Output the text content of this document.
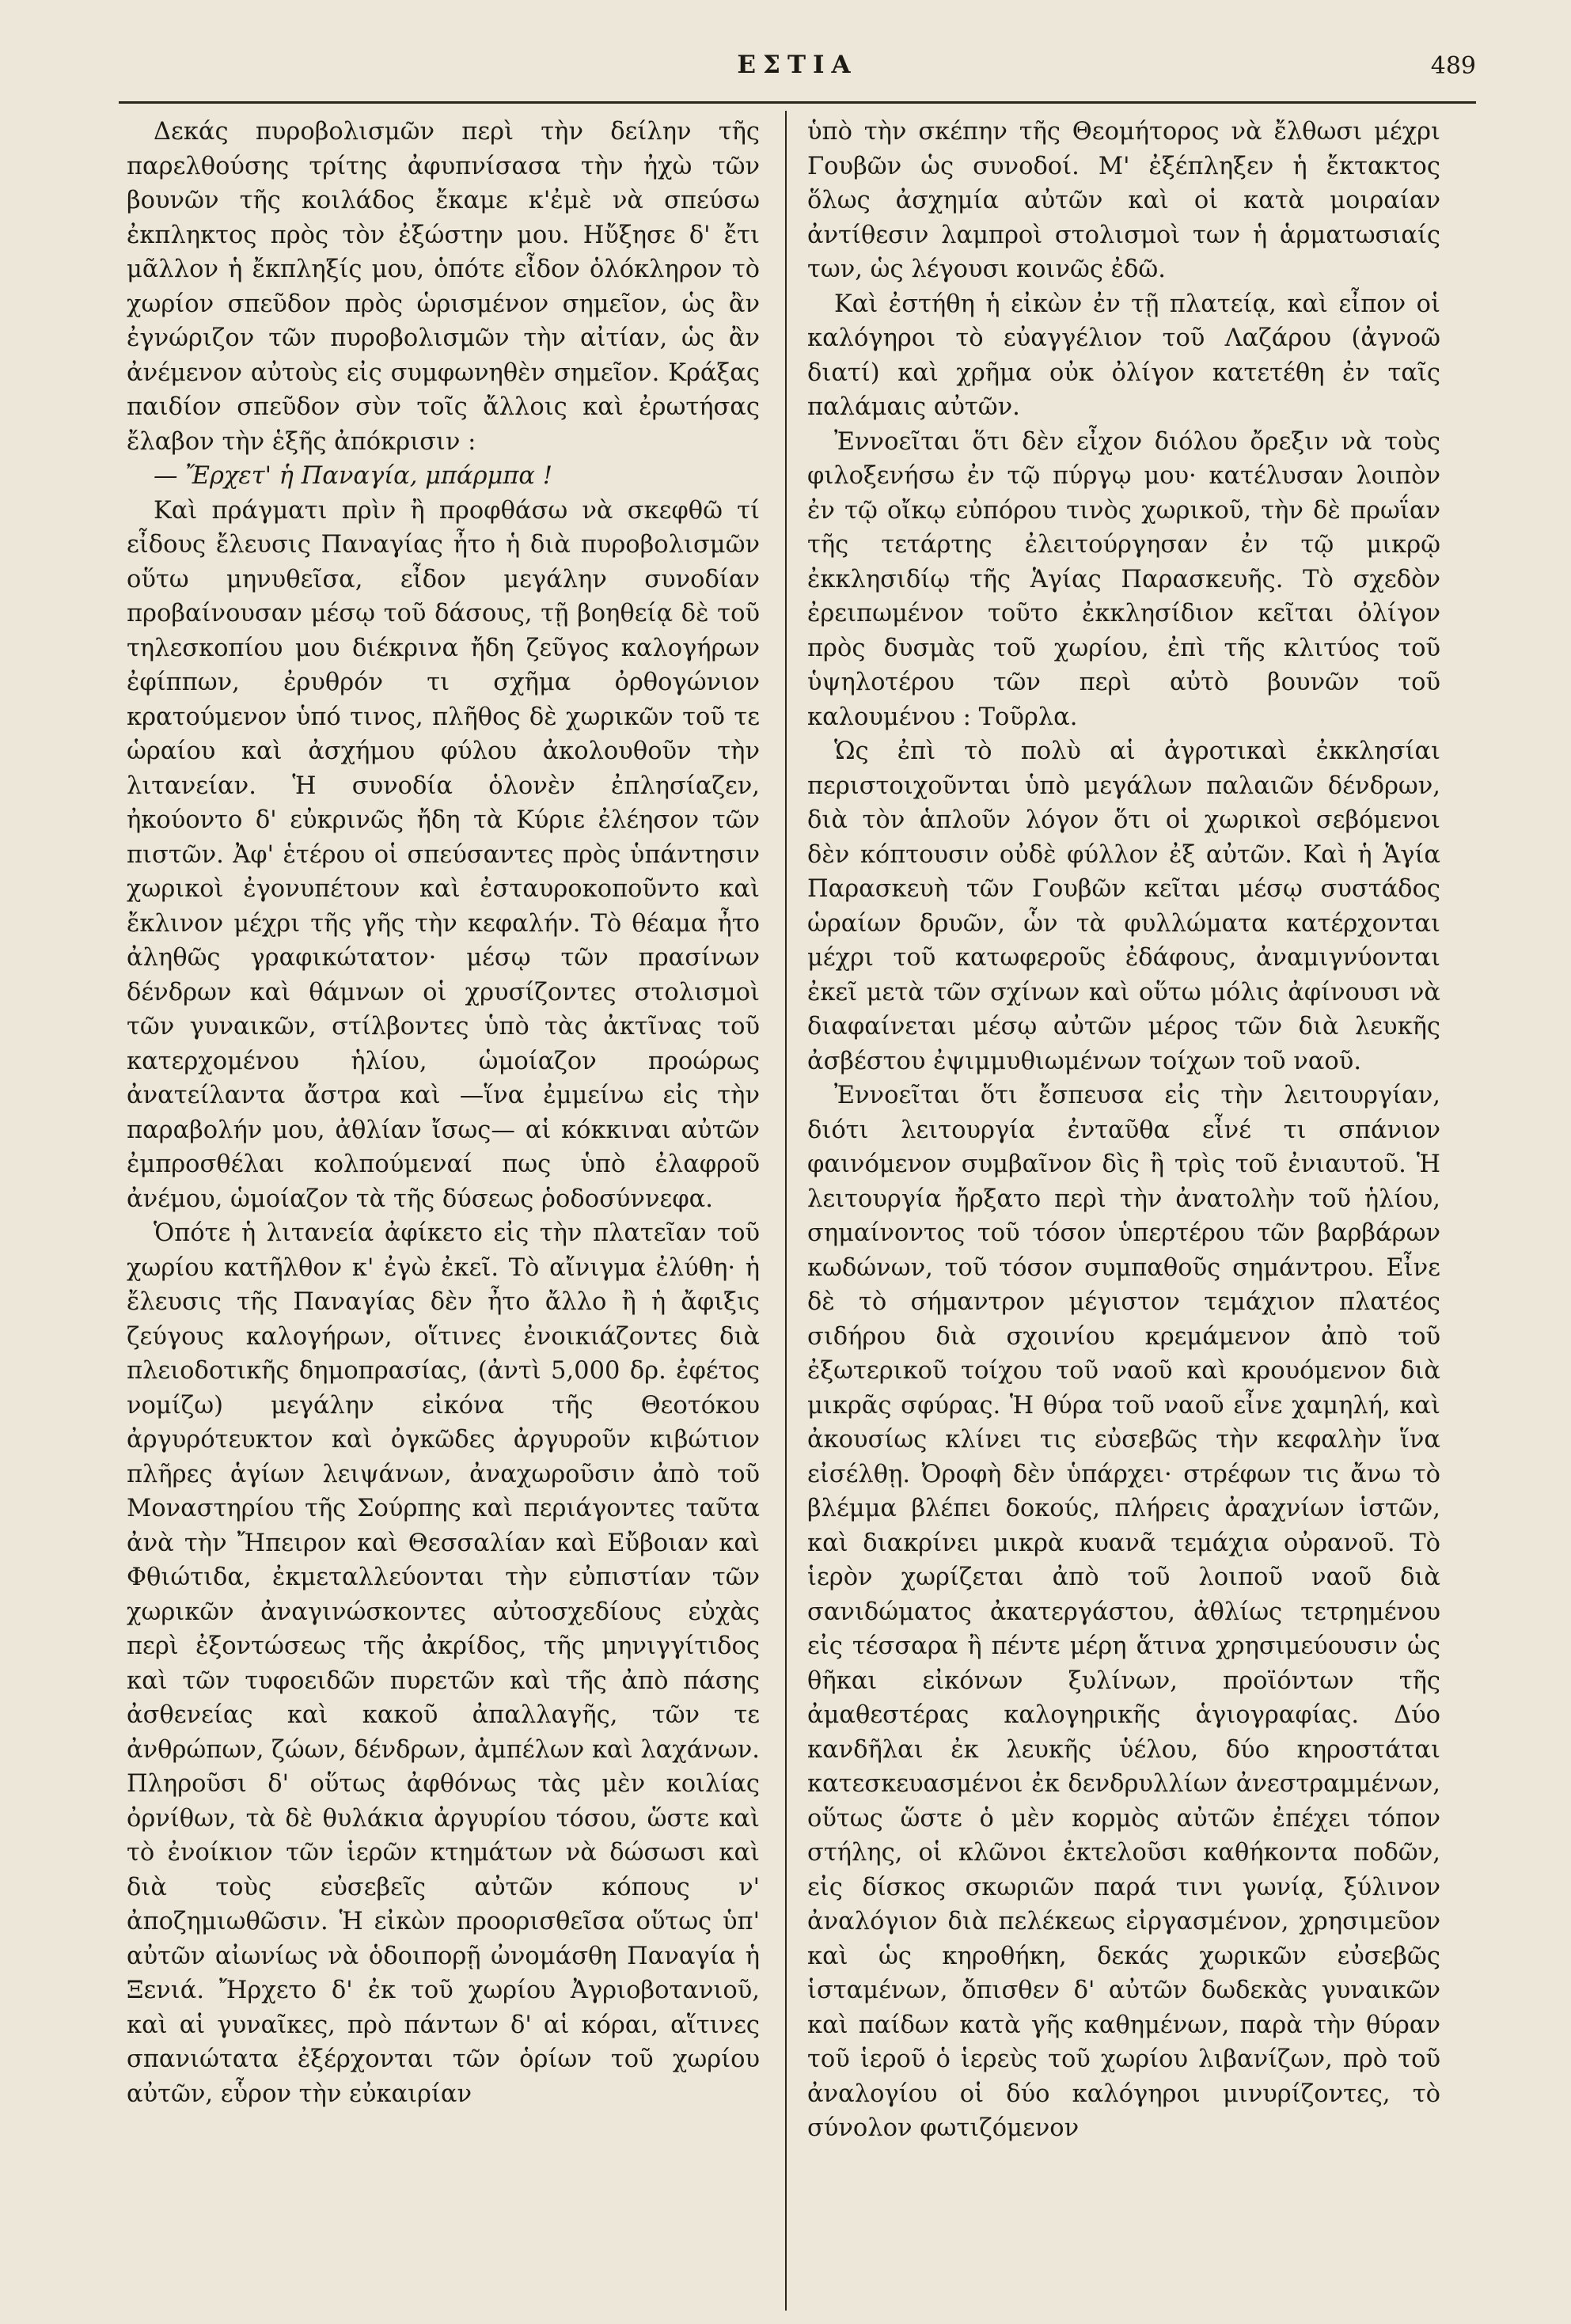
ΕΣΤΙΑ	489

Δεκάς πυροβολισμῶν περὶ τὴν δείλην τῆς παρελθούσης τρίτης ἀφυπνίσασα τὴν ἠχὼ τῶν βουνῶν τῆς κοιλάδος ἔκαμε κ'ἐμὲ νὰ σπεύσω ἐκπληκτος πρὸς τὸν ἐξώστην μου. Ηὔξησε δ' ἔτι μᾶλλον ἡ ἔκπληξίς μου, ὁπότε εἶδον ὁλόκληρον τὸ χωρίον σπεῦδον πρὸς ὡρισμένον σημεῖον, ὡς ἂν ἐγνώριζον τῶν πυροβολισμῶν τὴν αἰτίαν, ὡς ἂν ἀνέμενον αὐτοὺς εἰς συμφωνηθὲν σημεῖον. Κράξας παιδίον σπεῦδον σὺν τοῖς ἄλλοις καὶ ἐρωτήσας ἔλαβον τὴν ἑξῆς ἀπόκρισιν :

— Ἔρχετ' ἡ Παναγία, μπάρμπα !

Καὶ πράγματι πρὶν ἢ προφθάσω νὰ σκεφθῶ τί εἶδους ἔλευσις Παναγίας ἦτο ἡ διὰ πυροβολισμῶν οὕτω μηνυθεῖσα, εἶδον μεγάλην συνοδίαν προβαίνουσαν μέσῳ τοῦ δάσους, τῇ βοηθείᾳ δὲ τοῦ τηλεσκοπίου μου διέκρινα ἤδη ζεῦγος καλογήρων ἐφίππων, ἐρυθρόν τι σχῆμα ὀρθογώνιον κρατούμενον ὑπό τινος, πλῆθος δὲ χωρικῶν τοῦ τε ὡραίου καὶ ἀσχήμου φύλου ἀκολουθοῦν τὴν λιτανείαν. Ἡ συνοδία ὁλονὲν ἐπλησίαζεν, ἠκούοντο δ' εὐκρινῶς ἤδη τὰ Κύριε ἐλέησον τῶν πιστῶν. Ἀφ' ἑτέρου οἱ σπεύσαντες πρὸς ὑπάντησιν χωρικοὶ ἐγονυπέτουν καὶ ἐσταυροκοποῦντο καὶ ἔκλινον μέχρι τῆς γῆς τὴν κεφαλήν. Τὸ θέαμα ἦτο ἀληθῶς γραφικώτατον· μέσῳ τῶν πρασίνων δένδρων καὶ θάμνων οἱ χρυσίζοντες στολισμοὶ τῶν γυναικῶν, στίλβοντες ὑπὸ τὰς ἀκτῖνας τοῦ κατερχομένου ἡλίου, ὡμοίαζον προώρως ἀνατείλαντα ἄστρα καὶ —ἵνα ἐμμείνω εἰς τὴν παραβολήν μου, ἀθλίαν ἴσως— αἱ κόκκιναι αὐτῶν ἐμπροσθέλαι κολπούμεναί πως ὑπὸ ἐλαφροῦ ἀνέμου, ὡμοίαζον τὰ τῆς δύσεως ῥοδοσύννεφα.

Ὁπότε ἡ λιτανεία ἀφίκετο εἰς τὴν πλατεῖαν τοῦ χωρίου κατῆλθον κ' ἐγὼ ἐκεῖ. Τὸ αἴνιγμα ἐλύθη· ἡ ἔλευσις τῆς Παναγίας δὲν ἦτο ἄλλο ἢ ἡ ἄφιξις ζεύγους καλογήρων, οἵτινες ἐνοικιάζοντες διὰ πλειοδοτικῆς δημοπρασίας, (ἀντὶ 5,000 δρ. ἐφέτος νομίζω) μεγάλην εἰκόνα τῆς Θεοτόκου ἀργυρότευκτον καὶ ὀγκῶδες ἀργυροῦν κιβώτιον πλῆρες ἁγίων λειψάνων, ἀναχωροῦσιν ἀπὸ τοῦ Μοναστηρίου τῆς Σούρπης καὶ περιάγοντες ταῦτα ἀνὰ τὴν Ἤπειρον καὶ Θεσσαλίαν καὶ Εὔβοιαν καὶ Φθιώτιδα, ἐκμεταλλεύονται τὴν εὐπιστίαν τῶν χωρικῶν ἀναγινώσκοντες αὐτοσχεδίους εὐχὰς περὶ ἐξοντώσεως τῆς ἀκρίδος, τῆς μηνιγγίτιδος καὶ τῶν τυφοειδῶν πυρετῶν καὶ τῆς ἀπὸ πάσης ἀσθενείας καὶ κακοῦ ἀπαλλαγῆς, τῶν τε ἀνθρώπων, ζώων, δένδρων, ἀμπέλων καὶ λαχάνων. Πληροῦσι δ' οὕτως ἀφθόνως τὰς μὲν κοιλίας ὀρνίθων, τὰ δὲ θυλάκια ἀργυρίου τόσου, ὥστε καὶ τὸ ἐνοίκιον τῶν ἱερῶν κτημάτων νὰ δώσωσι καὶ διὰ τοὺς εὐσεβεῖς αὐτῶν κόπους ν' ἀποζημιωθῶσιν. Ἡ εἰκὼν προορισθεῖσα οὕτως ὑπ' αὐτῶν αἰωνίως νὰ ὁδοιπορῇ ὠνομάσθη Παναγία ἡ Ξενιά. Ἤρχετο δ' ἐκ τοῦ χωρίου Ἀγριοβοτανιοῦ, καὶ αἱ γυναῖκες, πρὸ πάντων δ' αἱ κόραι, αἵτινες σπανιώτατα ἐξέρχονται τῶν ὁρίων τοῦ χωρίου αὐτῶν, εὗρον τὴν εὐκαιρίαν

ὑπὸ τὴν σκέπην τῆς Θεομήτορος νὰ ἔλθωσι μέχρι Γουβῶν ὡς συνοδοί. Μ' ἐξέπληξεν ἡ ἔκτακτος ὅλως ἀσχημία αὐτῶν καὶ οἱ κατὰ μοιραίαν ἀντίθεσιν λαμπροὶ στολισμοὶ των ἡ ἁρματωσιαίς των, ὡς λέγουσι κοινῶς ἐδῶ.

Καὶ ἐστήθη ἡ εἰκὼν ἐν τῇ πλατείᾳ, καὶ εἶπον οἱ καλόγηροι τὸ εὐαγγέλιον τοῦ Λαζάρου (ἀγνοῶ διατί) καὶ χρῆμα οὐκ ὀλίγον κατετέθη ἐν ταῖς παλάμαις αὐτῶν.

Ἐννοεῖται ὅτι δὲν εἶχον διόλου ὄρεξιν νὰ τοὺς φιλοξενήσω ἐν τῷ πύργῳ μου· κατέλυσαν λοιπὸν ἐν τῷ οἴκῳ εὐπόρου τινὸς χωρικοῦ, τὴν δὲ πρωΐαν τῆς τετάρτης ἐλειτούργησαν ἐν τῷ μικρῷ ἐκκλησιδίῳ τῆς Ἁγίας Παρασκευῆς. Τὸ σχεδὸν ἐρειπωμένον τοῦτο ἐκκλησίδιον κεῖται ὀλίγον πρὸς δυσμὰς τοῦ χωρίου, ἐπὶ τῆς κλιτύος τοῦ ὑψηλοτέρου τῶν περὶ αὐτὸ βουνῶν τοῦ καλουμένου : Τοῦρλα.

Ὡς ἐπὶ τὸ πολὺ αἱ ἀγροτικαὶ ἐκκλησίαι περιστοιχοῦνται ὑπὸ μεγάλων παλαιῶν δένδρων, διὰ τὸν ἁπλοῦν λόγον ὅτι οἱ χωρικοὶ σεβόμενοι δὲν κόπτουσιν οὐδὲ φύλλον ἐξ αὐτῶν. Καὶ ἡ Ἁγία Παρασκευὴ τῶν Γουβῶν κεῖται μέσῳ συστάδος ὡραίων δρυῶν, ὧν τὰ φυλλώματα κατέρχονται μέχρι τοῦ κατωφεροῦς ἐδάφους, ἀναμιγνύονται ἐκεῖ μετὰ τῶν σχίνων καὶ οὕτω μόλις ἀφίνουσι νὰ διαφαίνεται μέσῳ αὐτῶν μέρος τῶν διὰ λευκῆς ἀσβέστου ἐψιμμυθιωμένων τοίχων τοῦ ναοῦ.

Ἐννοεῖται ὅτι ἔσπευσα εἰς τὴν λειτουργίαν, διότι λειτουργία ἐνταῦθα εἶνέ τι σπάνιον φαινόμενον συμβαῖνον δὶς ἢ τρὶς τοῦ ἐνιαυτοῦ. Ἡ λειτουργία ἤρξατο περὶ τὴν ἀνατολὴν τοῦ ἡλίου, σημαίνοντος τοῦ τόσον ὑπερτέρου τῶν βαρβάρων κωδώνων, τοῦ τόσον συμπαθοῦς σημάντρου. Εἶνε δὲ τὸ σήμαντρον μέγιστον τεμάχιον πλατέος σιδήρου διὰ σχοινίου κρεμάμενον ἀπὸ τοῦ ἐξωτερικοῦ τοίχου τοῦ ναοῦ καὶ κρουόμενον διὰ μικρᾶς σφύρας. Ἡ θύρα τοῦ ναοῦ εἶνε χαμηλή, καὶ ἀκουσίως κλίνει τις εὐσεβῶς τὴν κεφαλὴν ἵνα εἰσέλθῃ. Ὀροφὴ δὲν ὑπάρχει· στρέφων τις ἄνω τὸ βλέμμα βλέπει δοκούς, πλήρεις ἀραχνίων ἱστῶν, καὶ διακρίνει μικρὰ κυανᾶ τεμάχια οὐρανοῦ. Τὸ ἱερὸν χωρίζεται ἀπὸ τοῦ λοιποῦ ναοῦ διὰ σανιδώματος ἀκατεργάστου, ἀθλίως τετρημένου εἰς τέσσαρα ἢ πέντε μέρη ἅτινα χρησιμεύουσιν ὡς θῆκαι εἰκόνων ξυλίνων, προϊόντων τῆς ἀμαθεστέρας καλογηρικῆς ἁγιογραφίας. Δύο κανδῆλαι ἐκ λευκῆς ὑέλου, δύο κηροστάται κατεσκευασμένοι ἐκ δενδρυλλίων ἀνεστραμμένων, οὕτως ὥστε ὁ μὲν κορμὸς αὐτῶν ἐπέχει τόπον στήλης, οἱ κλῶνοι ἐκτελοῦσι καθήκοντα ποδῶν, εἰς δίσκος σκωριῶν παρά τινι γωνίᾳ, ξύλινον ἀναλόγιον διὰ πελέκεως εἰργασμένον, χρησιμεῦον καὶ ὡς κηροθήκη, δεκάς χωρικῶν εὐσεβῶς ἱσταμένων, ὄπισθεν δ' αὐτῶν δωδεκὰς γυναικῶν καὶ παίδων κατὰ γῆς καθημένων, παρὰ τὴν θύραν τοῦ ἱεροῦ ὁ ἱερεὺς τοῦ χωρίου λιβανίζων, πρὸ τοῦ ἀναλογίου οἱ δύο καλόγηροι μινυρίζοντες, τὸ σύνολον φωτιζόμενον
